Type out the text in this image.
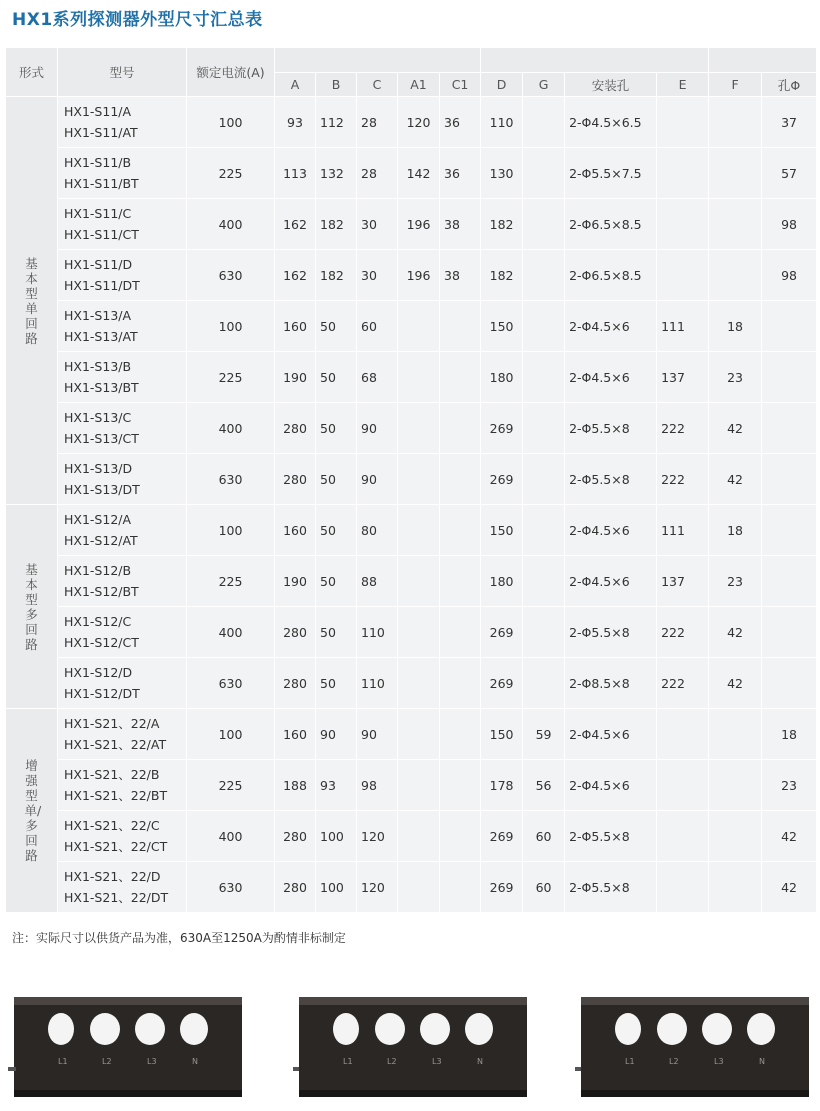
HX1系列探测器外型尺寸汇总表
形式	型号	额定电流(A)											
			A	B	C	A1	C1	D	G	安装孔	E	F	孔Φ
基本型单回路	HX1-S11/A
HX1-S11/AT	100	93	112	28	120	36	110		2-Φ4.5×6.5			37

	HX1-S11/B
HX1-S11/BT	225	113	132	28	142	36	130		2-Φ5.5×7.5			57

	HX1-S11/C
HX1-S11/CT	400	162	182	30	196	38	182		2-Φ6.5×8.5			98

	HX1-S11/D
HX1-S11/DT	630	162	182	30	196	38	182		2-Φ6.5×8.5			98

	HX1-S13/A
HX1-S13/AT	100	160	50	60			150		2-Φ4.5×6	111	18	

	HX1-S13/B
HX1-S13/BT	225	190	50	68			180		2-Φ4.5×6	137	23	

	HX1-S13/C
HX1-S13/CT	400	280	50	90			269		2-Φ5.5×8	222	42	

	HX1-S13/D
HX1-S13/DT	630	280	50	90			269		2-Φ5.5×8	222	42	
基本型多回路	HX1-S12/A
HX1-S12/AT	100	160	50	80			150		2-Φ4.5×6	111	18	

	HX1-S12/B
HX1-S12/BT	225	190	50	88			180		2-Φ4.5×6	137	23	

	HX1-S12/C
HX1-S12/CT	400	280	50	110			269		2-Φ5.5×8	222	42	

	HX1-S12/D
HX1-S12/DT	630	280	50	110			269		2-Φ8.5×8	222	42	
增强型单/多回路	HX1-S21、22/A
HX1-S21、22/AT	100	160	90	90			150	59	2-Φ4.5×6			18

	HX1-S21、22/B
HX1-S21、22/BT	225	188	93	98			178	56	2-Φ4.5×6			23

	HX1-S21、22/C
HX1-S21、22/CT	400	280	100	120			269	60	2-Φ5.5×8			42

	HX1-S21、22/D
HX1-S21、22/DT	630	280	100	120			269	60	2-Φ5.5×8			42
注：实际尺寸以供货产品为准，630A至1250A为酌情非标制定
L1	L2	L3	N	L1	L2	L3	N	L1	L2	L3	N
